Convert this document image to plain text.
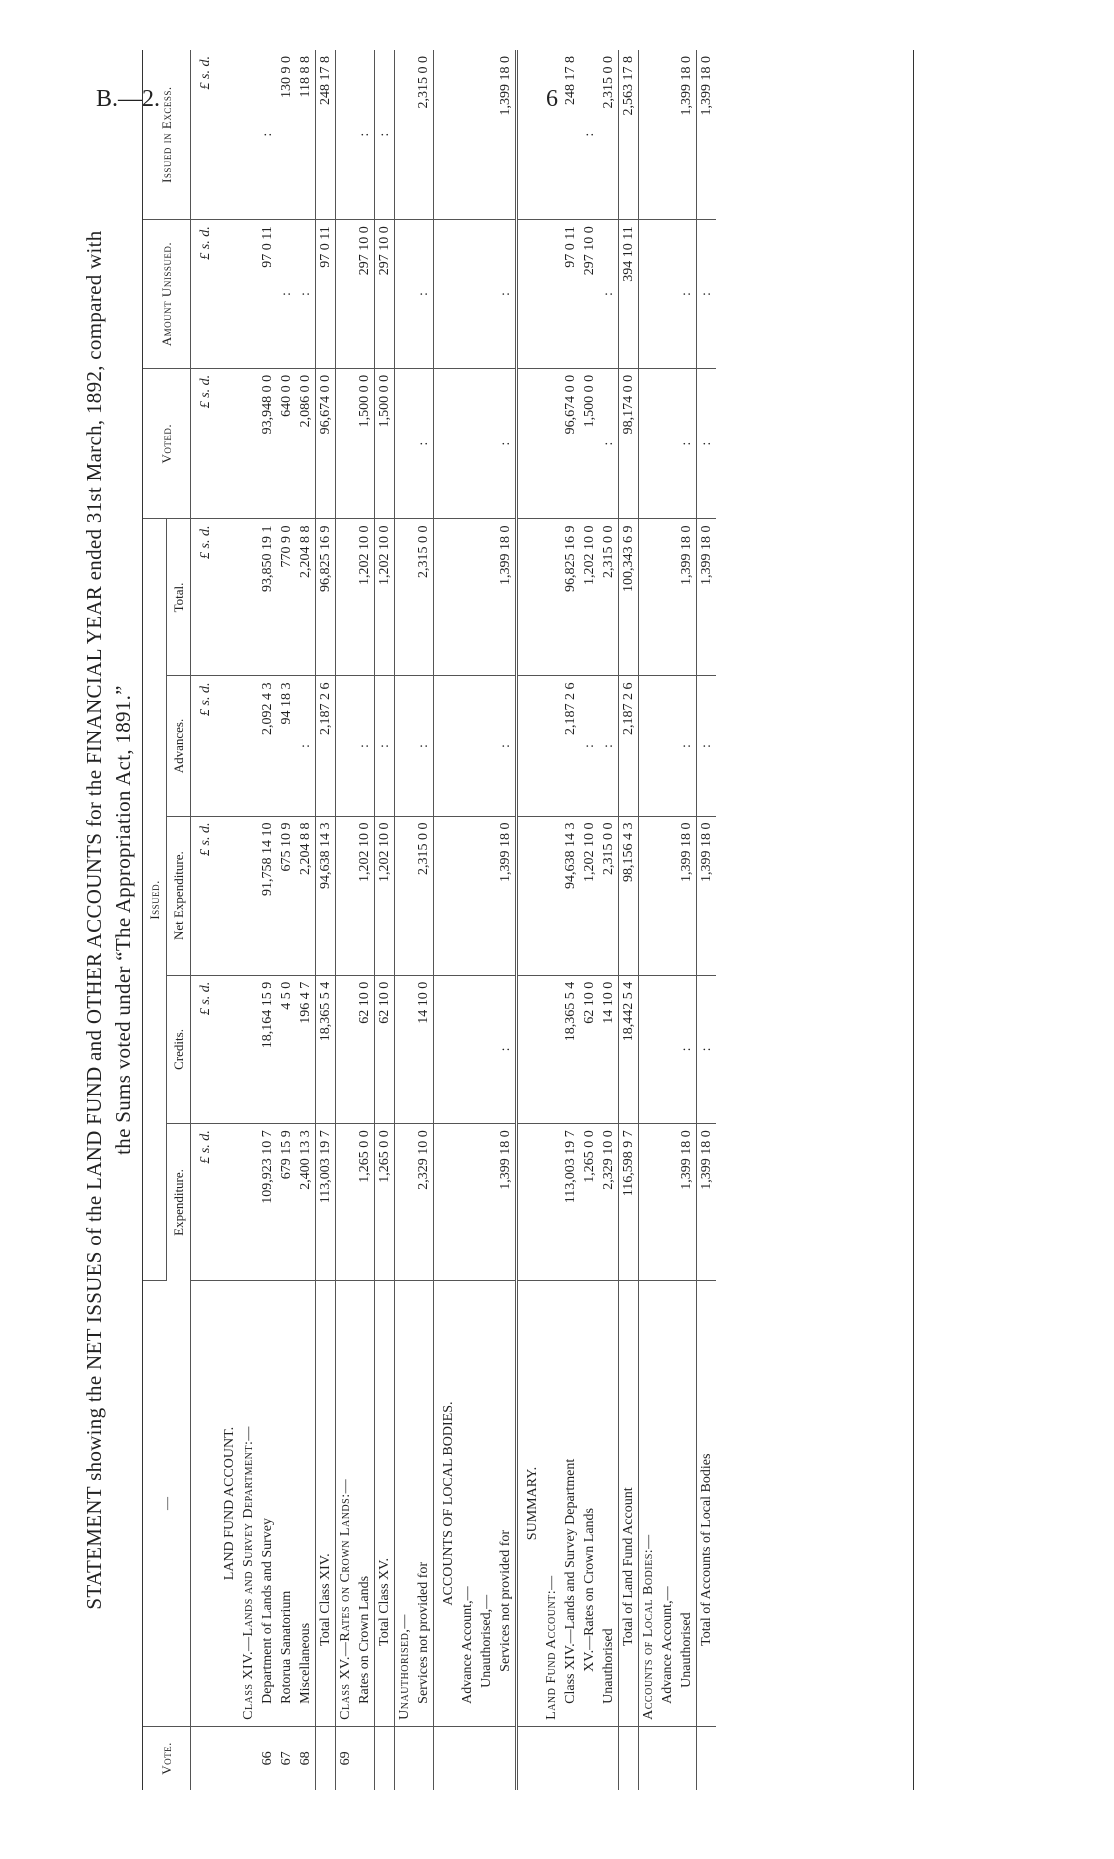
B.—2.	6
STATEMENT showing the NET ISSUES of the LAND FUND and OTHER ACCOUNTS for the FINANCIAL YEAR ended 31st March, 1892, compared with the Sums voted under “The Appropriation Act, 1891.”
Vote.	—	Issued.					Voted.	Amount Unissued.	Issued in Excess.
		Expenditure.	Credits.	Net Expenditure.	Advances.	Total.			
		£ s. d.	£ s. d.	£ s. d.	£ s. d.	£ s. d.	£ s. d.	£ s. d.	£ s. d.
	LAND FUND ACCOUNT.								
	Class XIV.—Lands and Survey Department:—								
66	Department of Lands and Survey	109,923 10 7	18,164 15 9	91,758 14 10	2,092 4 3	93,850 19 1	93,948 0 0	97 0 11	:
67	Rotorua Sanatorium	679 15 9	4 5 0	675 10 9	94 18 3	770 9 0	640 0 0	:	130 9 0
68	Miscellaneous	2,400 13 3	196 4 7	2,204 8 8	:	2,204 8 8	2,086 0 0	:	118 8 8
	Total Class XIV.	113,003 19 7	18,365 5 4	94,638 14 3	2,187 2 6	96,825 16 9	96,674 0 0	97 0 11	248 17 8
69	Class XV.—Rates on Crown Lands:—								
	Rates on Crown Lands	1,265 0 0	62 10 0	1,202 10 0	:	1,202 10 0	1,500 0 0	297 10 0	:
	Total Class XV.	1,265 0 0	62 10 0	1,202 10 0	:	1,202 10 0	1,500 0 0	297 10 0	:
	Unauthorised,—								
	Services not provided for	2,329 10 0	14 10 0	2,315 0 0	:	2,315 0 0	:	:	2,315 0 0
	ACCOUNTS OF LOCAL BODIES.								
	Advance Account,—								
	Unauthorised,—								
	Services not provided for	1,399 18 0	:	1,399 18 0	:	1,399 18 0	:	:	1,399 18 0
	SUMMARY.								
	Land Fund Account:—								
	Class XIV.—Lands and Survey Department	113,003 19 7	18,365 5 4	94,638 14 3	2,187 2 6	96,825 16 9	96,674 0 0	97 0 11	248 17 8
	XV.—Rates on Crown Lands	1,265 0 0	62 10 0	1,202 10 0	:	1,202 10 0	1,500 0 0	297 10 0	:
	Unauthorised	2,329 10 0	14 10 0	2,315 0 0	:	2,315 0 0	:	:	2,315 0 0
	Total of Land Fund Account	116,598 9 7	18,442 5 4	98,156 4 3	2,187 2 6	100,343 6 9	98,174 0 0	394 10 11	2,563 17 8
	Accounts of Local Bodies:—								
	Advance Account,—								
	Unauthorised	1,399 18 0	:	1,399 18 0	:	1,399 18 0	:	:	1,399 18 0
	Total of Accounts of Local Bodies	1,399 18 0	:	1,399 18 0	:	1,399 18 0	:	:	1,399 18 0
